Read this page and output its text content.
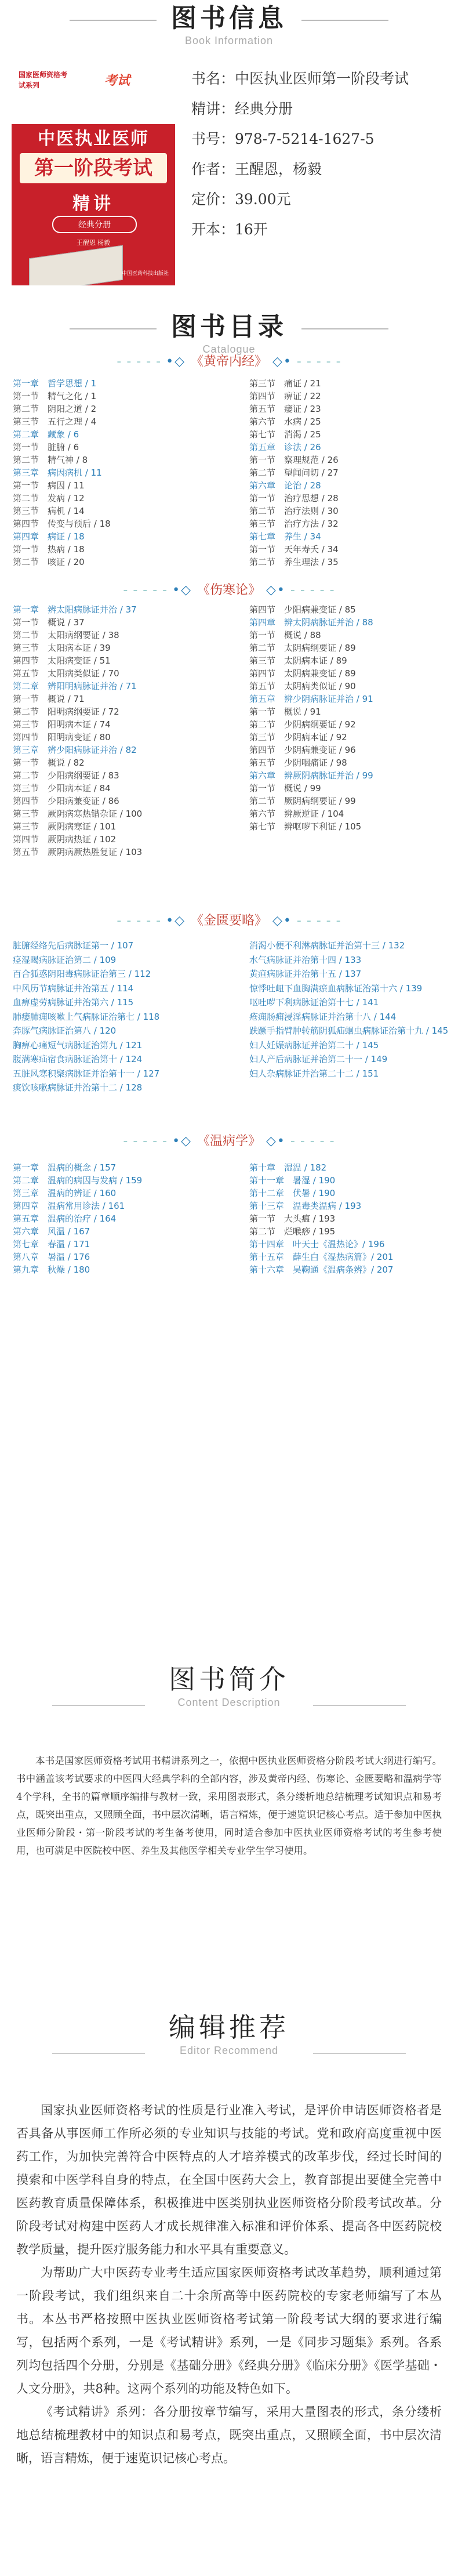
图书信息
Book Information
国家医师资格考试系列	考试
中医执业医师
第一阶段考试
精讲
经典分册
王醒恩 杨毅
中国医药科技出版社
书名：中医执业医师第一阶段考试
精讲：经典分册
书号：978-7-5214-1627-5
作者：王醒恩，杨毅
定价：39.00元
开本：16开
图书目录
Catalogue
- - - - - •◇ 《黄帝内经》 ◇• - - - - -
第一章　哲学思想 / 1
第一节　精气之化 / 1
第二节　阴阳之道 / 2
第三节　五行之理 / 4
第二章　藏象 / 6
第一节　脏腑 / 6
第二节　精气神 / 8
第三章　病因病机 / 11
第一节　病因 / 11
第二节　发病 / 12
第三节　病机 / 14
第四节　传变与预后 / 18
第四章　病证 / 18
第一节　热病 / 18
第二节　咳证 / 20
第三节　痛证 / 21
第四节　痹证 / 22
第五节　痿证 / 23
第六节　水病 / 25
第七节　消渴 / 25
第五章　诊法 / 26
第一节　察理规范 / 26
第二节　望闻问切 / 27
第六章　论治 / 28
第一节　治疗思想 / 28
第二节　治疗法则 / 30
第三节　治疗方法 / 32
第七章　养生 / 34
第一节　天年寿夭 / 34
第二节　养生理法 / 35
- - - - - •◇ 《伤寒论》 ◇• - - - - -
第一章　辨太阳病脉证并治 / 37
第一节　概说 / 37
第二节　太阳病纲要证 / 38
第三节　太阳病本证 / 39
第四节　太阳病变证 / 51
第五节　太阳病类似证 / 70
第二章　辨阳明病脉证并治 / 71
第一节　概说 / 71
第二节　阳明病纲要证 / 72
第三节　阳明病本证 / 74
第四节　阳明病变证 / 80
第三章　辨少阳病脉证并治 / 82
第一节　概说 / 82
第二节　少阳病纲要证 / 83
第三节　少阳病本证 / 84
第四节　少阳病兼变证 / 86
第三节　厥阴病寒热错杂证 / 100
第三节　厥阴病寒证 / 101
第四节　厥阴病热证 / 102
第五节　厥阴病厥热胜复证 / 103
第四节　少阳病兼变证 / 85
第四章　辨太阴病脉证并治 / 88
第一节　概说 / 88
第二节　太阴病纲要证 / 89
第三节　太阴病本证 / 89
第四节　太阴病兼变证 / 89
第五节　太阴病类似证 / 90
第五章　辨少阴病脉证并治 / 91
第一节　概说 / 91
第二节　少阴病纲要证 / 92
第三节　少阴病本证 / 92
第四节　少阴病兼变证 / 96
第五节　少阴咽痛证 / 98
第六章　辨厥阴病脉证并治 / 99
第一节　概说 / 99
第二节　厥阴病纲要证 / 99
第六节　辨厥逆证 / 104
第七节　辨呕哕下利证 / 105
- - - - - •◇ 《金匮要略》 ◇• - - - - -
脏腑经络先后病脉证第一 / 107
痉湿暍病脉证治第二 / 109
百合狐惑阴阳毒病脉证治第三 / 112
中风历节病脉证并治第五 / 114
血痹虚劳病脉证并治第六 / 115
肺痿肺痈咳嗽上气病脉证治第七 / 118
奔豚气病脉证治第八 / 120
胸痹心痛短气病脉证治第九 / 121
腹满寒疝宿食病脉证治第十 / 124
五脏风寒积聚病脉证并治第十一 / 127
痰饮咳嗽病脉证并治第十二 / 128
消渴小便不利淋病脉证并治第十三 / 132
水气病脉证并治第十四 / 133
黄疸病脉证并治第十五 / 137
惊悸吐衄下血胸满瘀血病脉证治第十六 / 139
呕吐哕下利病脉证治第十七 / 141
疮痈肠痈浸淫病脉证并治第十八 / 144
趺蹶手指臂肿转筋阴狐疝蛔虫病脉证治第十九 / 145
妇人妊娠病脉证并治第二十 / 145
妇人产后病脉证并治第二十一 / 149
妇人杂病脉证并治第二十二 / 151
- - - - - •◇ 《温病学》 ◇• - - - - -
第一章　温病的概念 / 157
第二章　温病的病因与发病 / 159
第三章　温病的辨证 / 160
第四章　温病常用诊法 / 161
第五章　温病的治疗 / 164
第六章　风温 / 167
第七章　春温 / 171
第八章　暑温 / 176
第九章　秋燥 / 180
第十章　湿温 / 182
第十一章　暑湿 / 190
第十二章　伏暑 / 190
第十三章　温毒类温病 / 193
第一节　大头瘟 / 193
第二节　烂喉痧 / 195
第十四章　叶天士《温热论》/ 196
第十五章　薛生白《湿热病篇》/ 201
第十六章　吴鞠通《温病条辨》/ 207
图书简介
Content Description

本书是国家医师资格考试用书精讲系列之一，依据中医执业医师资格分阶段考试大纲进行编写。书中涵盖该考试要求的中医四大经典学科的全部内容，涉及黄帝内经、伤寒论、金匮要略和温病学等4个学科，全书的篇章顺序编排与教材一致，采用图表形式，条分缕析地总结梳理考试知识点和易考点，既突出重点，又照顾全面，书中层次清晰，语言精炼，便于速览识记核心考点。适于参加中医执业医师分阶段・第一阶段考试的考生备考使用，同时适合参加中医执业医师资格考试的考生参考使用，也可满足中医院校中医、养生及其他医学相关专业学生学习使用。

编辑推荐
Editor Recommend

国家执业医师资格考试的性质是行业准入考试，是评价申请医师资格者是否具备从事医师工作所必须的专业知识与技能的考试。党和政府高度重视中医药工作，为加快完善符合中医特点的人才培养模式的改革步伐，经过长时间的摸索和中医学科自身的特点，在全国中医药大会上，教育部提出要健全完善中医药教育质量保障体系，积极推进中医类别执业医师资格分阶段考试改革。分阶段考试对构建中医药人才成长规律准入标准和评价体系、提高各中医药院校教学质量，提升医疗服务能力和水平具有重要意义。

为帮助广大中医药专业考生适应国家医师资格考试改革趋势，顺利通过第一阶段考试，我们组织来自二十余所高等中医药院校的专家老师编写了本丛书。本丛书严格按照中医执业医师资格考试第一阶段考试大纲的要求进行编写，包括两个系列，一是《考试精讲》系列，一是《同步习题集》系列。各系列均包括四个分册，分别是《基础分册》《经典分册》《临床分册》《医学基础・人文分册》，共8种。这两个系列的功能及特色如下。

《考试精讲》系列：各分册按章节编写，采用大量图表的形式，条分缕析地总结梳理教材中的知识点和易考点，既突出重点，又照顾全面，书中层次清晰，语言精炼，便于速览识记核心考点。
